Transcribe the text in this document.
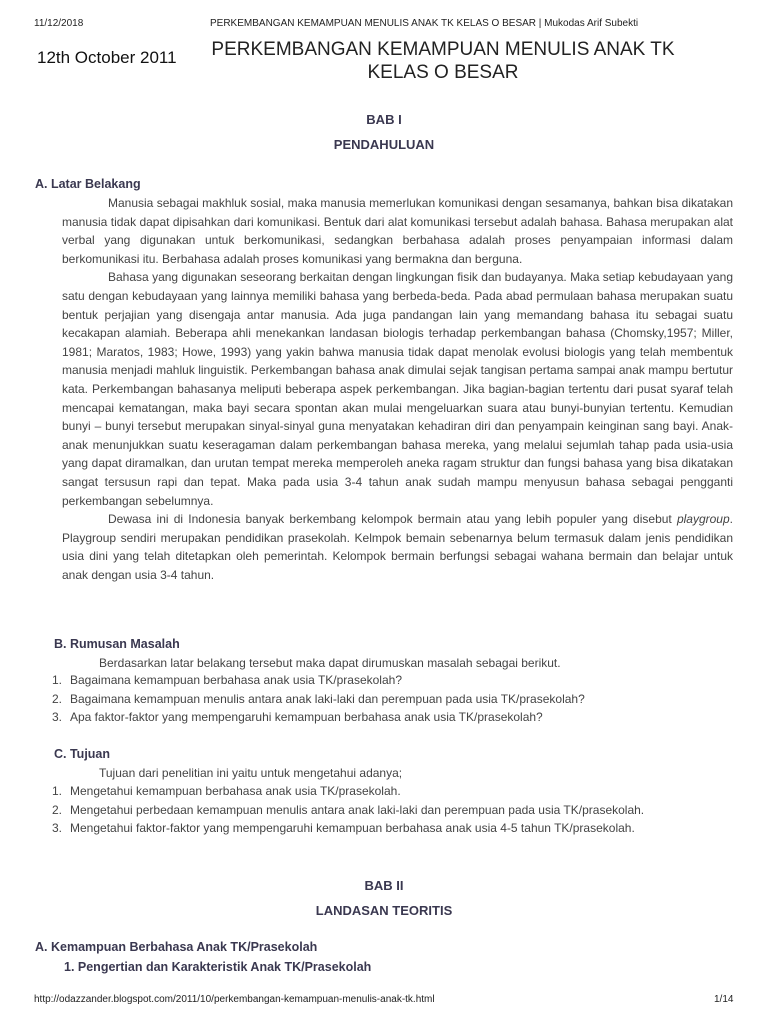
11/12/2018	PERKEMBANGAN KEMAMPUAN MENULIS ANAK TK KELAS O BESAR | Mukodas Arif Subekti
12th October 2011	PERKEMBANGAN KEMAMPUAN MENULIS ANAK TK
KELAS O BESAR
BAB I
PENDAHULUAN
A. Latar Belakang

Manusia sebagai makhluk sosial, maka manusia memerlukan komunikasi dengan sesamanya, bahkan bisa dikatakan manusia tidak dapat dipisahkan dari komunikasi. Bentuk dari alat komunikasi tersebut adalah bahasa. Bahasa merupakan alat verbal yang digunakan untuk berkomunikasi, sedangkan berbahasa adalah proses penyampaian informasi dalam berkomunikasi itu. Berbahasa adalah proses komunikasi yang bermakna dan berguna.

Bahasa yang digunakan seseorang berkaitan dengan lingkungan fisik dan budayanya. Maka setiap kebudayaan yang satu dengan kebudayaan yang lainnya memiliki bahasa yang berbeda-beda. Pada abad permulaan bahasa merupakan suatu bentuk perjajian yang disengaja antar manusia. Ada juga pandangan lain yang memandang bahasa itu sebagai suatu kecakapan alamiah. Beberapa ahli menekankan landasan biologis terhadap perkembangan bahasa (Chomsky,1957; Miller, 1981; Maratos, 1983; Howe, 1993) yang yakin bahwa manusia tidak dapat menolak evolusi biologis yang telah membentuk manusia menjadi mahluk linguistik. Perkembangan bahasa anak dimulai sejak tangisan pertama sampai anak mampu bertutur kata. Perkembangan bahasanya meliputi beberapa aspek perkembangan. Jika bagian-bagian tertentu dari pusat syaraf telah mencapai kematangan, maka bayi secara spontan akan mulai mengeluarkan suara atau bunyi-bunyian tertentu. Kemudian bunyi – bunyi tersebut merupakan sinyal-sinyal guna menyatakan kehadiran diri dan penyampain keinginan sang bayi. Anak-anak menunjukkan suatu keseragaman dalam perkembangan bahasa mereka, yang melalui sejumlah tahap pada usia-usia yang dapat diramalkan, dan urutan tempat mereka memperoleh aneka ragam struktur dan fungsi bahasa yang bisa dikatakan sangat tersusun rapi dan tepat. Maka pada usia 3-4 tahun anak sudah mampu menyusun bahasa sebagai pengganti perkembangan sebelumnya.

Dewasa ini di Indonesia banyak berkembang kelompok bermain atau yang lebih populer yang disebut playgroup. Playgroup sendiri merupakan pendidikan prasekolah. Kelmpok bemain sebenarnya belum termasuk dalam jenis pendidikan usia dini yang telah ditetapkan oleh pemerintah. Kelompok bermain berfungsi sebagai wahana bermain dan belajar untuk anak dengan usia 3-4 tahun.

B. Rumusan Masalah
Berdasarkan latar belakang tersebut maka dapat dirumuskan masalah sebagai berikut.
1. Bagaimana kemampuan berbahasa anak usia TK/prasekolah?
2. Bagaimana kemampuan menulis antara anak laki-laki dan perempuan pada usia TK/prasekolah?
3. Apa faktor-faktor yang mempengaruhi kemampuan berbahasa anak usia TK/prasekolah?
C. Tujuan
Tujuan dari penelitian ini yaitu untuk mengetahui adanya;
1. Mengetahui kemampuan berbahasa anak usia TK/prasekolah.
2. Mengetahui perbedaan kemampuan menulis antara anak laki-laki dan perempuan pada usia TK/prasekolah.
3. Mengetahui faktor-faktor yang mempengaruhi kemampuan berbahasa anak usia 4-5 tahun TK/prasekolah.
BAB II
LANDASAN TEORITIS
A. Kemampuan Berbahasa Anak TK/Prasekolah
1. Pengertian dan Karakteristik Anak TK/Prasekolah
http://odazzander.blogspot.com/2011/10/perkembangan-kemampuan-menulis-anak-tk.html	1/14
